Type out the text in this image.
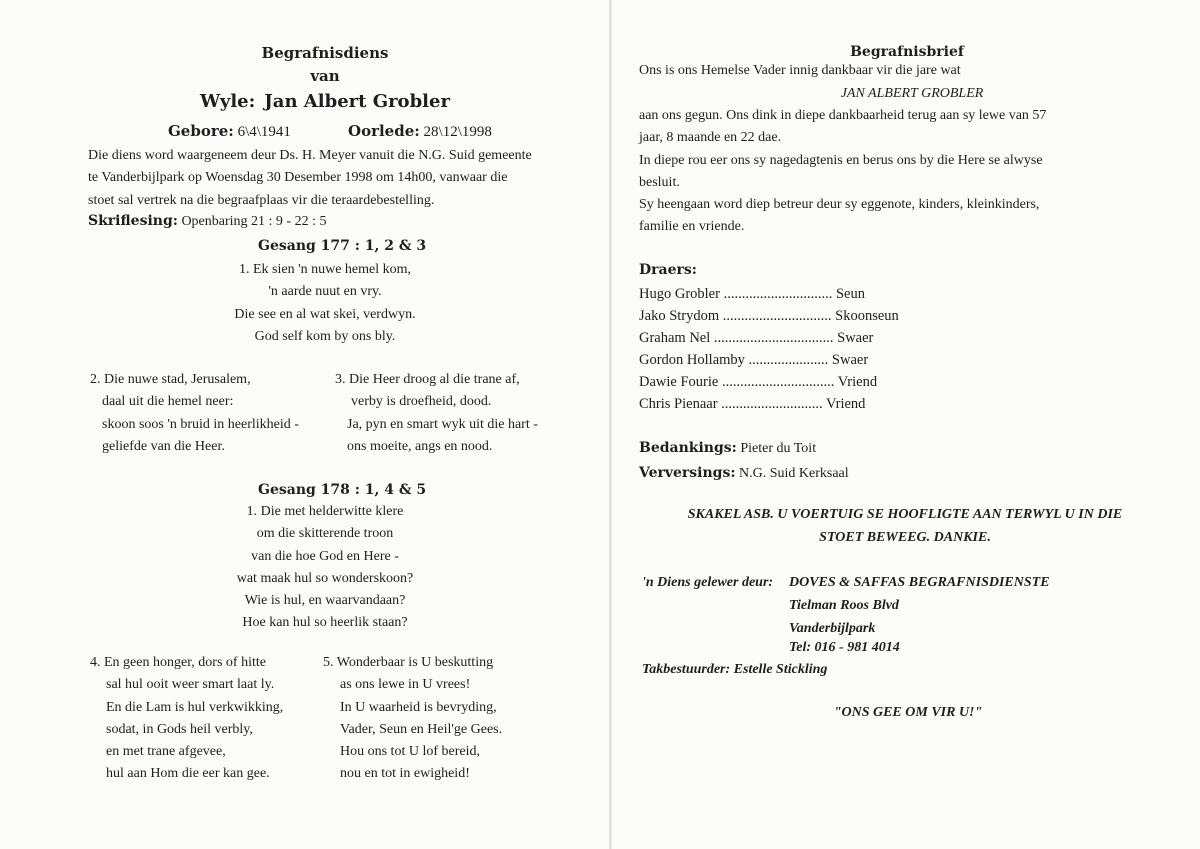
Begrafnisdiens
van
Wyle: Jan Albert Grobler
Gebore: 6\4\1941	Oorlede: 28\12\1998
Die diens word waargeneem deur Ds. H. Meyer vanuit die N.G. Suid gemeente
te Vanderbijlpark op Woensdag 30 Desember 1998 om 14h00, vanwaar die
stoet sal vertrek na die begraafplaas vir die teraardebestelling.
Skriflesing: Openbaring 21 : 9 - 22 : 5
Gesang 177 : 1, 2 & 3
1. Ek sien 'n nuwe hemel kom,
'n aarde nuut en vry.
Die see en al wat skei, verdwyn.
God self kom by ons bly.
2. Die nuwe stad, Jerusalem,
daal uit die hemel neer:
skoon soos 'n bruid in heerlikheid -
geliefde van die Heer.
3. Die Heer droog al die trane af,
verby is droefheid, dood.
Ja, pyn en smart wyk uit die hart -
ons moeite, angs en nood.
Gesang 178 : 1, 4 & 5
1. Die met helderwitte klere
om die skitterende troon
van die hoe God en Here -
wat maak hul so wonderskoon?
Wie is hul, en waarvandaan?
Hoe kan hul so heerlik staan?
4. En geen honger, dors of hitte
sal hul ooit weer smart laat ly.
En die Lam is hul verkwikking,
sodat, in Gods heil verbly,
en met trane afgevee,
hul aan Hom die eer kan gee.
5. Wonderbaar is U beskutting
as ons lewe in U vrees!
In U waarheid is bevryding,
Vader, Seun en Heil'ge Gees.
Hou ons tot U lof bereid,
nou en tot in ewigheid!
Begrafnisbrief
Ons is ons Hemelse Vader innig dankbaar vir die jare wat
JAN ALBERT GROBLER
aan ons gegun. Ons dink in diepe dankbaarheid terug aan sy lewe van 57
jaar, 8 maande en 22 dae.
In diepe rou eer ons sy nagedagtenis en berus ons by die Here se alwyse
besluit.
Sy heengaan word diep betreur deur sy eggenote, kinders, kleinkinders,
familie en vriende.
Draers:
Hugo Grobler .............................. Seun
Jako Strydom .............................. Skoonseun
Graham Nel ................................. Swaer
Gordon Hollamby ...................... Swaer
Dawie Fourie ............................... Vriend
Chris Pienaar ............................ Vriend
Bedankings: Pieter du Toit
Verversings: N.G. Suid Kerksaal
SKAKEL ASB. U VOERTUIG SE HOOFLIGTE AAN TERWYL U IN DIE
STOET BEWEEG. DANKIE.
'n Diens gelewer deur: DOVES & SAFFAS BEGRAFNISDIENSTE
Tielman Roos Blvd
Vanderbijlpark
Tel: 016 - 981 4014
Takbestuurder: Estelle Stickling
"ONS GEE OM VIR U!"
